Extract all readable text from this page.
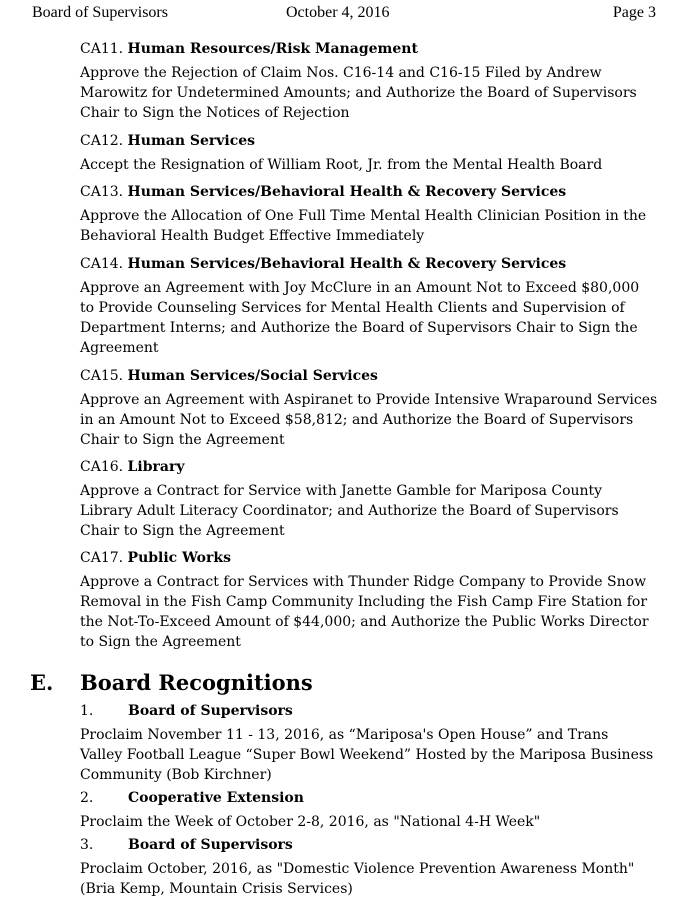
Board of Supervisors	October 4, 2016	Page 3
CA11. Human Resources/Risk Management
Approve the Rejection of Claim Nos. C16-14 and C16-15 Filed by Andrew
Marowitz for Undetermined Amounts; and Authorize the Board of Supervisors
Chair to Sign the Notices of Rejection
CA12. Human Services
Accept the Resignation of William Root, Jr. from the Mental Health Board
CA13. Human Services/Behavioral Health & Recovery Services
Approve the Allocation of One Full Time Mental Health Clinician Position in the
Behavioral Health Budget Effective Immediately
CA14. Human Services/Behavioral Health & Recovery Services
Approve an Agreement with Joy McClure in an Amount Not to Exceed $80,000
to Provide Counseling Services for Mental Health Clients and Supervision of
Department Interns; and Authorize the Board of Supervisors Chair to Sign the
Agreement
CA15. Human Services/Social Services
Approve an Agreement with Aspiranet to Provide Intensive Wraparound Services
in an Amount Not to Exceed $58,812; and Authorize the Board of Supervisors
Chair to Sign the Agreement
CA16. Library
Approve a Contract for Service with Janette Gamble for Mariposa County
Library Adult Literacy Coordinator; and Authorize the Board of Supervisors
Chair to Sign the Agreement
CA17. Public Works
Approve a Contract for Services with Thunder Ridge Company to Provide Snow
Removal in the Fish Camp Community Including the Fish Camp Fire Station for
the Not-To-Exceed Amount of $44,000; and Authorize the Public Works Director
to Sign the Agreement
E. Board Recognitions
1. Board of Supervisors
Proclaim November 11 - 13, 2016, as “Mariposa's Open House” and Trans
Valley Football League “Super Bowl Weekend” Hosted by the Mariposa Business
Community (Bob Kirchner)
2. Cooperative Extension
Proclaim the Week of October 2-8, 2016, as "National 4-H Week"
3. Board of Supervisors
Proclaim October, 2016, as "Domestic Violence Prevention Awareness Month"
(Bria Kemp, Mountain Crisis Services)
